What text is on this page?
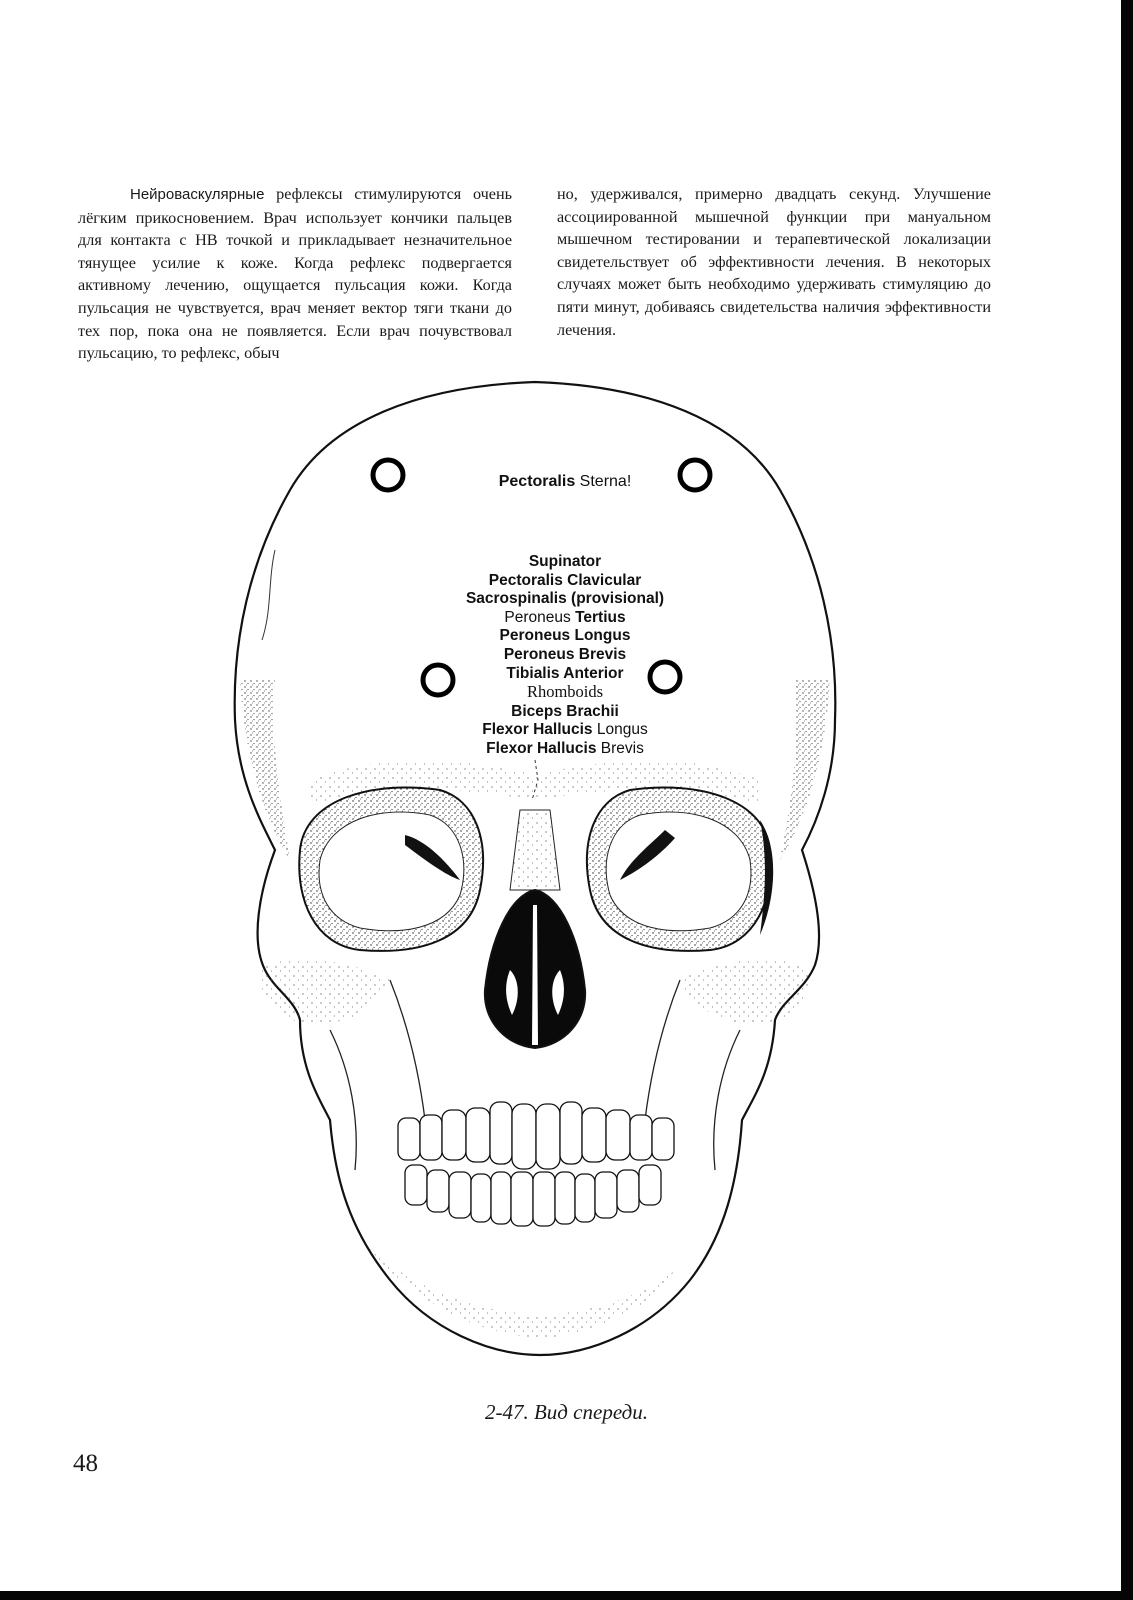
Нейроваскулярные рефлексы стимулируются очень лёгким прикосновением. Врач использует кончики пальцев для контакта с НВ точкой и прикладывает незначительное тянущее усилие к коже. Когда рефлекс подвергается активному лечению, ощущается пульсация кожи. Когда пульсация не чувствуется, врач меняет вектор тяги ткани до тех пор, пока она не появляется. Если врач почувствовал пульсацию, то рефлекс, обыч

но, удерживался, примерно двадцать секунд. Улучшение ассоциированной мышечной функции при мануальном мышечном тестировании и терапевтической локализации свидетельствует об эффективности лечения. В некоторых случаях может быть необходимо удерживать стимуляцию до пяти минут, добиваясь свидетельства наличия эффективности лечения.

Pectoralis Sterna!
Supinator
Pectoralis Clavicular
Sacrospinalis (provisional)
Peroneus Tertius
Peroneus Longus
Peroneus Brevis
Tibialis Anterior
Rhomboids
Biceps Brachii
Flexor Hallucis Longus
Flexor Hallucis Brevis
2-47. Вид спереди.
48
